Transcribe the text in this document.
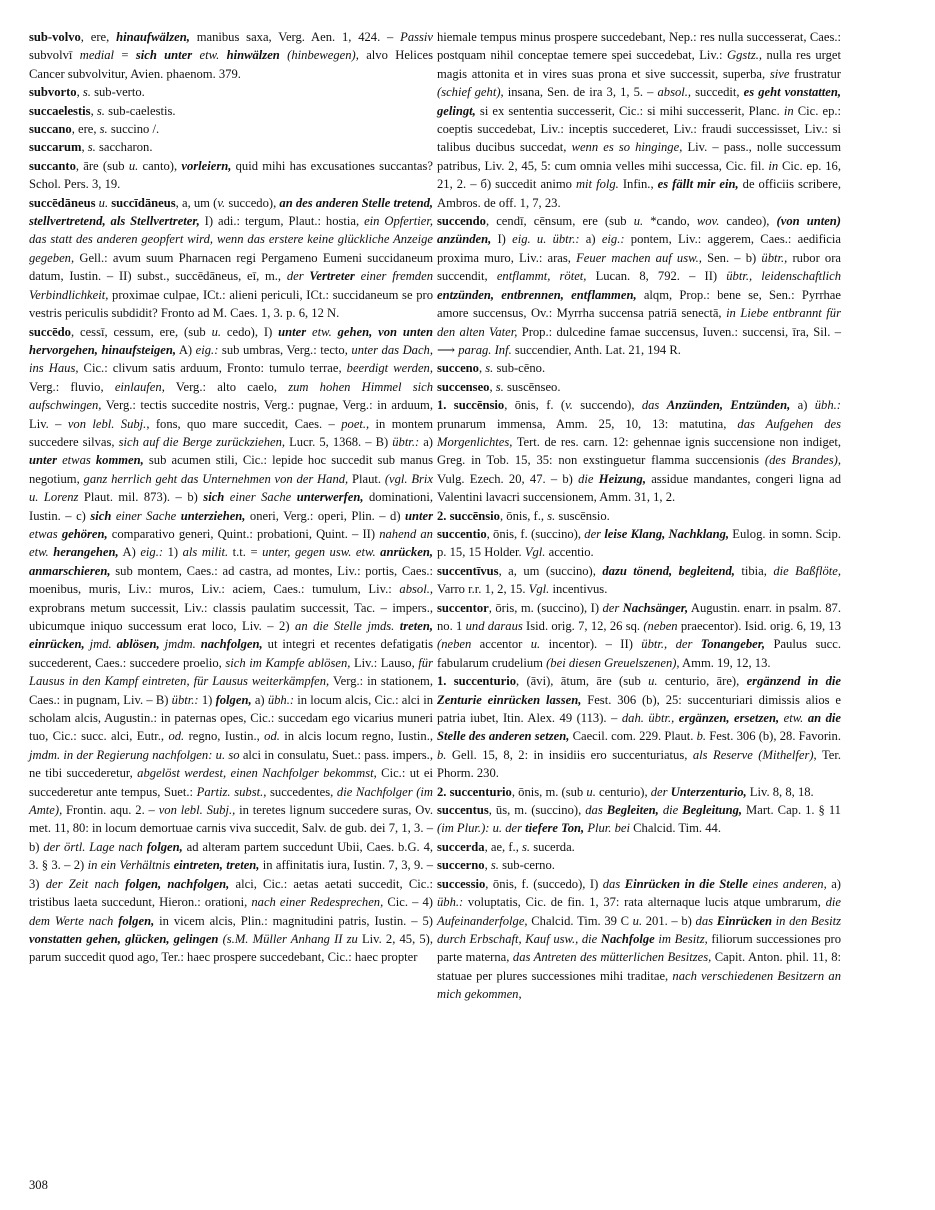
sub-volvo, ere, hinaufwälzen, manibus saxa, Verg. Aen. 1, 424. – Passiv subvolvī medial = sich unter etw. hinwälzen (hinbewegen), alvo Helices Cancer subvolvitur, Avien. phaenom. 379.

subvorto, s. sub-verto.

succaelestis, s. sub-caelestis.

succano, ere, s. succino /.

succarum, s. saccharon.

succanto, āre (sub u. canto), vorleiern, quid mihi has excusationes succantas? Schol. Pers. 3, 19.

succēdāneus u. succīdāneus, a, um (v. succedo), an des anderen Stelle tretend, stellvertretend, als Stellvertreter, I) adi.: tergum, Plaut.: hostia, ein Opfertier, das statt des anderen geopfert wird, wenn das erstere keine glückliche Anzeige gegeben, Gell.: avum suum Pharnacen regi Pergameno Eumeni succidaneum datum, Iustin. – II) subst., succēdāneus, eī, m., der Vertreter einer fremden Verbindlichkeit, proximae culpae, ICt.: alieni periculi, ICt.: succidaneum se pro vestris periculis subdidit? Fronto ad M. Caes. 1, 3. p. 6, 12 N.

succēdo, cessī, cessum, ere, (sub u. cedo), I) unter etw. gehen, von unten hervorgehen, hinaufsteigen, A) eig.: sub umbras, Verg.: tecto, unter das Dach, ins Haus, Cic.: clivum satis arduum, Fronto: tumulo terrae, beerdigt werden, Verg.: fluvio, einlaufen, Verg.: alto caelo, zum hohen Himmel sich aufschwingen, Verg.: tectis succedite nostris, Verg.: pugnae, Verg.: in arduum, Liv. – von lebl. Subj., fons, quo mare succedit, Caes. – poet., in montem succedere silvas, sich auf die Berge zurückziehen, Lucr. 5, 1368. – B) übtr.: a) unter etwas kommen, sub acumen stili, Cic.: lepide hoc succedit sub manus negotium, ganz herrlich geht das Unternehmen von der Hand, Plaut. (vgl. Brix u. Lorenz Plaut. mil. 873). – b) sich einer Sache unterwerfen, dominationi, Iustin. – c) sich einer Sache unterziehen, oneri, Verg.: operi, Plin. – d) unter etwas gehören, comparativo generi, Quint.: probationi, Quint. – II) nahend an etw. herangehen, A) eig.: 1) als milit. t.t. = unter, gegen usw. etw. anrücken, anmarschieren, sub montem, Caes.: ad castra, ad montes, Liv.: portis, Caes.: moenibus, muris, Liv.: muros, Liv.: aciem, Caes.: tumulum, Liv.: absol., exprobrans metum successit, Liv.: classis paulatim successit, Tac. – impers., ubicumque iniquo successum erat loco, Liv. – 2) an die Stelle jmds. treten, einrücken, jmd. ablösen, jmdm. nachfolgen, ut integri et recentes defatigatis succederent, Caes.: succedere proelio, sich im Kampfe ablösen, Liv.: Lauso, für Lausus in den Kampf eintreten, für Lausus weiterkämpfen, Verg.: in stationem, Caes.: in pugnam, Liv. – B) übtr.: 1) folgen, a) übh.: in locum alcis, Cic.: alci in scholam alcis, Augustin.: in paternas opes, Cic.: succedam ego vicarius muneri tuo, Cic.: succ. alci, Eutr., od. regno, Iustin., od. in alcis locum regno, Iustin., jmdm. in der Regierung nachfolgen: u. so alci in consulatu, Suet.: pass. impers., ne tibi succederetur, abgelöst werdest, einen Nachfolger bekommst, Cic.: ut ei succederetur ante tempus, Suet.: Partiz. subst., succedentes, die Nachfolger (im Amte), Frontin. aqu. 2. – von lebl. Subj., in teretes lignum succedere suras, Ov. met. 11, 80: in locum demortuae carnis viva succedit, Salv. de gub. dei 7, 1, 3. – b) der örtl. Lage nach folgen, ad alteram partem succedunt Ubii, Caes. b.G. 4, 3. § 3. – 2) in ein Verhältnis eintreten, treten, in affinitatis iura, Iustin. 7, 3, 9. – 3) der Zeit nach folgen, nachfolgen, alci, Cic.: aetas aetati succedit, Cic.: tristibus laeta succedunt, Hieron.: orationi, nach einer Redesprechen, Cic. – 4) dem Werte nach folgen, in vicem alcis, Plin.: magnitudini patris, Iustin. – 5) vonstatten gehen, glücken, gelingen (s.M. Müller Anhang II zu Liv. 2, 45, 5), parum succedit quod ago, Ter.: haec prospere succedebant, Cic.: haec propter

hiemale tempus minus prospere succedebant, Nep.: res nulla successerat, Caes.: postquam nihil conceptae temere spei succedebat, Liv.: Ggstz., nulla res urget magis attonita et in vires suas prona et sive successit, superba, sive frustratur (schief geht), insana, Sen. de ira 3, 1, 5. – absol., succedit, es geht vonstatten, gelingt, si ex sententia successerit, Cic.: si mihi successerit, Planc. in Cic. ep.: coeptis succedebat, Liv.: inceptis succederet, Liv.: fraudi successisset, Liv.: si talibus ducibus succedat, wenn es so hinginge, Liv. – pass., nolle successum patribus, Liv. 2, 45, 5: cum omnia velles mihi successa, Cic. fil. in Cic. ep. 16, 21, 2. – б) succedit animo mit folg. Infin., es fällt mir ein, de officiis scribere, Ambros. de off. 1, 7, 23.

succendo, cendī, cēnsum, ere (sub u. *cando, wov. candeo), (von unten) anzünden, I) eig. u. übtr.: a) eig.: pontem, Liv.: aggerem, Caes.: aedificia proxima muro, Liv.: aras, Feuer machen auf usw., Sen. – b) übtr., rubor ora succendit, entflammt, rötet, Lucan. 8, 792. – II) übtr., leidenschaftlich entzünden, entbrennen, entflammen, alqm, Prop.: bene se, Sen.: Pyrrhae amore succensus, Ov.: Myrrha succensa patriā senectā, in Liebe entbrannt für den alten Vater, Prop.: dulcedine famae succensus, Iuven.: succensi, īra, Sil. – ⟶ parag. Inf. succendier, Anth. Lat. 21, 194 R.

succeno, s. sub-cēno.

succenseo, s. suscēnseo.

1. succēnsio, ōnis, f. (v. succendo), das Anzünden, Entzünden, a) übh.: prunarum immensa, Amm. 25, 10, 13: matutina, das Aufgehen des Morgenlichtes, Tert. de res. carn. 12: gehennae ignis succensione non indiget, Greg. in Tob. 15, 35: non exstinguetur flamma succensionis (des Brandes), Vulg. Ezech. 20, 47. – b) die Heizung, assidue mandantes, congeri ligna ad Valentini lavacri succensionem, Amm. 31, 1, 2.

2. succēnsio, ōnis, f., s. suscēnsio.

succentio, ōnis, f. (succino), der leise Klang, Nachklang, Eulog. in somn. Scip. p. 15, 15 Holder. Vgl. accentio.

succentīvus, a, um (succino), dazu tönend, begleitend, tibia, die Baßflöte, Varro r.r. 1, 2, 15. Vgl. incentivus.

succentor, ōris, m. (succino), I) der Nachsänger, Augustin. enarr. in psalm. 87. no. 1 und daraus Isid. orig. 7, 12, 26 sq. (neben praecentor). Isid. orig. 6, 19, 13 (neben accentor u. incentor). – II) übtr., der Tonangeber, Paulus succ. fabularum crudelium (bei diesen Greuelszenen), Amm. 19, 12, 13.

1. succenturio, (āvi), ātum, āre (sub u. centurio, āre), ergänzend in die Zenturie einrücken lassen, Fest. 306 (b), 25: succenturiari dimissis alios e patria iubet, Itin. Alex. 49 (113). – dah. übtr., ergänzen, ersetzen, etw. an die Stelle des anderen setzen, Caecil. com. 229. Plaut. b. Fest. 306 (b), 28. Favorin. b. Gell. 15, 8, 2: in insidiis ero succenturiatus, als Reserve (Mithelfer), Ter. Phorm. 230.

2. succenturio, ōnis, m. (sub u. centurio), der Unterzenturio, Liv. 8, 8, 18.

succentus, ūs, m. (succino), das Begleiten, die Begleitung, Mart. Cap. 1. § 11 (im Plur.): u. der tiefere Ton, Plur. bei Chalcid. Tim. 44.

succerda, ae, f., s. sucerda.

succerno, s. sub-cerno.

successio, ōnis, f. (succedo), I) das Einrücken in die Stelle eines anderen, a) übh.: voluptatis, Cic. de fin. 1, 37: rata alternaque lucis atque umbrarum, die Aufeinanderfolge, Chalcid. Tim. 39 C u. 201. – b) das Einrücken in den Besitz durch Erbschaft, Kauf usw., die Nachfolge im Besitz, filiorum successiones pro parte materna, das Antreten des mütterlichen Besitzes, Capit. Anton. phil. 11, 8: statuae per plures successiones mihi traditae, nach verschiedenen Besitzern an mich gekommen,

308
